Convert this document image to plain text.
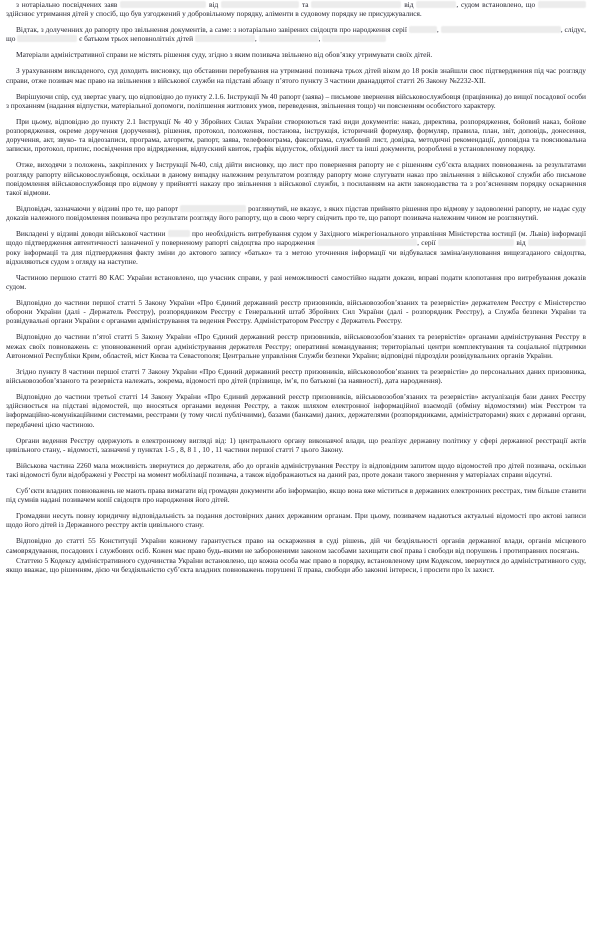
з нотаріально посвідчених заяв	від	та	від	, судом встановлено, що  здійснює утримання дітей у спосіб, що був узгоджений у добровільному порядку, аліменти в судовому порядку не присуджувалися.

Відтак, з долученних до рапорту про звільнення документів, а саме: з нотаріально завірених свідоцтв про народження серії	,	, слідує, що	є батьком трьох неповнолітніх дітей	,	,

Матеріали адміністративної справи не містять рішення суду, згідно з яким позивача звільнено від обов’язку утримувати своїх дітей.

З урахуванням викладеного, суд доходить висновку, що обставини перебування на утриманні позивача трьох дітей віком до 18 років знайшли своє підтвердження під час розгляду справи, отже позивач має право на звільнення з військової служби на підставі абзацу п’ятого пункту 3 частини дванадцятої статті 26 Закону №2232-ХІІ.

Вирішуючи спір, суд звертає увагу, що відповідно до пункту 2.1.6. Інструкції № 40 рапорт (заява) – письмове звернення військовослужбовця (працівника) до вищої посадової особи з проханням (надання відпустки, матеріальної допомоги, поліпшення житлових умов, переведення, звільнення тощо) чи поясненням особистого характеру.

При цьому, відповідно до пункту 2.1 Інструкції № 40 у Збройних Силах України створюються такі види документів: наказ, директива, розпорядження, бойовий наказ, бойове розпорядження, окреме доручення (доручення), рішення, протокол, положення, постанова, інструкція, історичний формуляр, формуляр, правила, план, звіт, доповідь, донесення, доручення, акт, звуко- та відеозаписи, програма, алгоритм, рапорт, заява, телефонограма, факсограма, службовий лист, довідка, методичні рекомендації, доповідна та пояснювальна записки, протокол, припис, посвідчення про відрядження, відпускний квиток, графік відпусток, обхідний лист та інші документи, розроблені в установленому порядку.

Отже, виходячи з положень, закріплених у Інструкції №40, слід дійти висновку, що лист про повернення рапорту не є рішенням суб’єкта владних повноважень за результатами розгляду рапорту військовослужбовця, оскільки в даному випадку належним результатом розгляду рапорту може слугувати наказ про звільнення з військової служби або письмове повідомлення військовослужбовця про відмову у прийнятті наказу про звільнення з військової служби, з посиланням на акти законодавства та з роз’ясненням порядку оскарження такої відмови.

Відповідач, зазначаючи у відзиві про те, що рапорт	розглянутий, не вказує, з яких підстав прийнято рішення про відмову у задоволенні рапорту, не надає суду доказів належного повідомлення позивача про результати розгляду його рапорту, що в свою чергу свідчить про те, що рапорт позивача належним чином не розглянутий.

Викладені у відзиві доводи військової частини	про необхідність витребування судом у Західного міжрегіонального управління Міністерства юстиції (м. Львів) інформації щодо підтвердження автентичності зазначеної у поверненому рапорті свідоцтва про народження	, серії	від  року інформації та для підтвердження факту зміни до актового запису «батько» та з метою уточнення інформації чи відбувалася заміна/анулювання вищезгаданого свідоцтва, відхиляються судом з огляду на наступне.

Частиною першою статті 80 КАС України встановлено, що учасник справи, у разі неможливості самостійно надати докази, вправі подати клопотання про витребування доказів судом.

Відповідно до частини першої статті 5 Закону України «Про Єдиний державний реєстр призовників, військовозобов’язаних та резервістів» держателем Реєстру є Міністерство оборони України (далі - Держатель Реєстру), розпорядником Реєстру є Генеральний штаб Збройних Сил України (далі - розпорядник Реєстру), а Служба безпеки України та розвідувальні органи України є органами адміністрування та ведення Реєстру. Адміністратором Реєстру є Держатель Реєстру.

Відповідно до частини п’ятої статті 5 Закону України «Про Єдиний державний реєстр призовників, військовозобов’язаних та резервістів» органами адміністрування Реєстру в межах своїх повноважень є: уповноважений орган адміністрування держателя Реєстру; оперативні командування; територіальні центри комплектування та соціальної підтримки Автономної Республіки Крим, областей, міст Києва та Севастополя; Центральне управління Служби безпеки України; відповідні підрозділи розвідувальних органів України.

Згідно пункту 8 частини першої статті 7 Закону України «Про Єдиний державний реєстр призовників, військовозобов’язаних та резервістів» до персональних даних призовника, військовозобов’язаного та резервіста належать, зокрема, відомості про дітей (прізвище, ім’я, по батькові (за наявності), дата народження).

Відповідно до частини третьої статті 14 Закону України «Про Єдиний державний реєстр призовників, військовозобов’язаних та резервістів» актуалізація бази даних Реєстру здійснюється на підставі відомостей, що вносяться органами ведення Реєстру, а також шляхом електронної інформаційної взаємодії (обміну відомостями) між Реєстром та інформаційно-комунікаційними системами, реєстрами (у тому числі публічними), базами (банками) даних, держателями (розпорядниками, адміністраторами) яких є державні органи, передбачені цією частиною.

Органи ведення Реєстру одержують в електронному вигляді від: 1) центрального органу виконавчої влади, що реалізує державну політику у сфері державної реєстрації актів цивільного стану, - відомості, зазначені у пунктах 1-5 , 8, 8 1 , 10 , 11 частини першої статті 7 цього Закону.

Військова частина 2260 мала можливість звернутися до держателя, або до органів адміністрування Реєстру із відповідним запитом щодо відомостей про дітей позивача, оскільки такі відомості були відображені у Реєстрі на момент мобілізації позивача, а також відображаються на даний раз, проте докази такого звернення у матеріалах справи відсутні.

Суб’єкти владних повноважень не мають права вимагати від громадян документи або інформацію, якщо вона вже міститься в державних електронних реєстрах, тим більше ставити під сумнів надані позивачем копії свідоцтв про народження його дітей.

Громадяни несуть повну юридичну відповідальність за подання достовірних даних державним органам. При цьому, позивачем надаються актуальні відомості про актові записи щодо його дітей із Державного реєстру актів цивільного стану.

Відповідно до статті 55 Конституції України кожному гарантується право на оскарження в суді рішень, дій чи бездіяльності органів державної влади, органів місцевого самоврядування, посадових і службових осіб. Кожен має право будь-якими не забороненими законом засобами захищати свої права і свободи від порушень і протиправних посягань.

Статтею 5 Кодексу адміністративного судочинства України встановлено, що кожна особа має право в порядку, встановленому цим Кодексом, звернутися до адміністративного суду, якщо вважає, що рішенням, дією чи бездіяльністю суб’єкта владних повноважень порушені її права, свободи або законні інтереси, і просити про їх захист.
